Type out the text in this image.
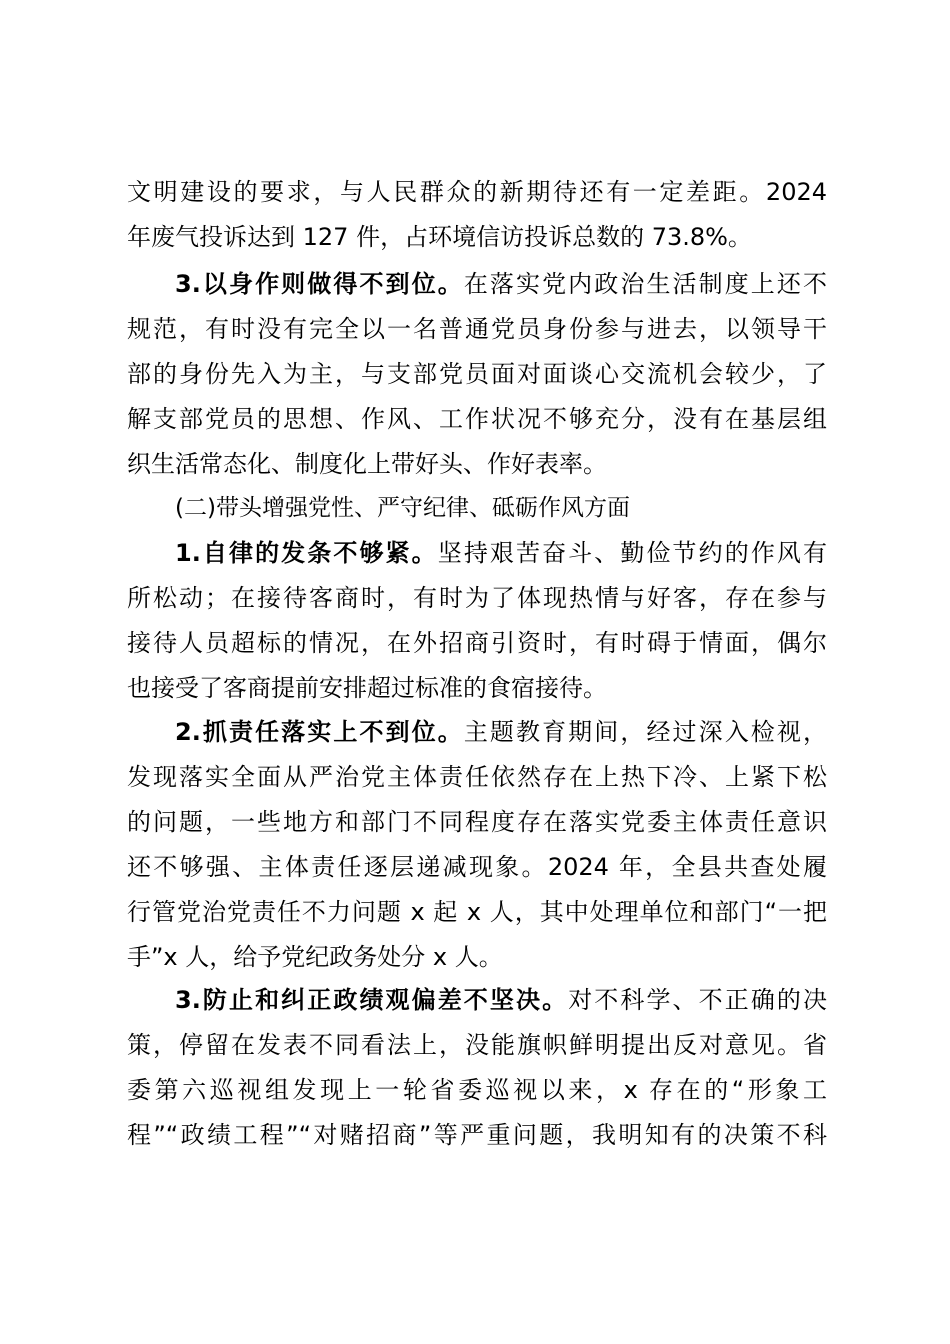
文明建设的要求，与人民群众的新期待还有一定差距。2024
年废气投诉达到 127 件，占环境信访投诉总数的 73.8%。
3.以身作则做得不到位。在落实党内政治生活制度上还不
规范，有时没有完全以一名普通党员身份参与进去，以领导干
部的身份先入为主，与支部党员面对面谈心交流机会较少，了
解支部党员的思想、作风、工作状况不够充分，没有在基层组
织生活常态化、制度化上带好头、作好表率。
(二)带头增强党性、严守纪律、砥砺作风方面
1.自律的发条不够紧。坚持艰苦奋斗、勤俭节约的作风有
所松动；在接待客商时，有时为了体现热情与好客，存在参与
接待人员超标的情况，在外招商引资时，有时碍于情面，偶尔
也接受了客商提前安排超过标准的食宿接待。
2.抓责任落实上不到位。主题教育期间，经过深入检视，
发现落实全面从严治党主体责任依然存在上热下冷、上紧下松
的问题，一些地方和部门不同程度存在落实党委主体责任意识
还不够强、主体责任逐层递减现象。2024 年，全县共查处履
行管党治党责任不力问题 x 起 x 人，其中处理单位和部门“一把
手”x 人，给予党纪政务处分 x 人。
3.防止和纠正政绩观偏差不坚决。对不科学、不正确的决
策，停留在发表不同看法上，没能旗帜鲜明提出反对意见。省
委第六巡视组发现上一轮省委巡视以来，x 存在的“形象工
程”“政绩工程”“对赌招商”等严重问题，我明知有的决策不科
